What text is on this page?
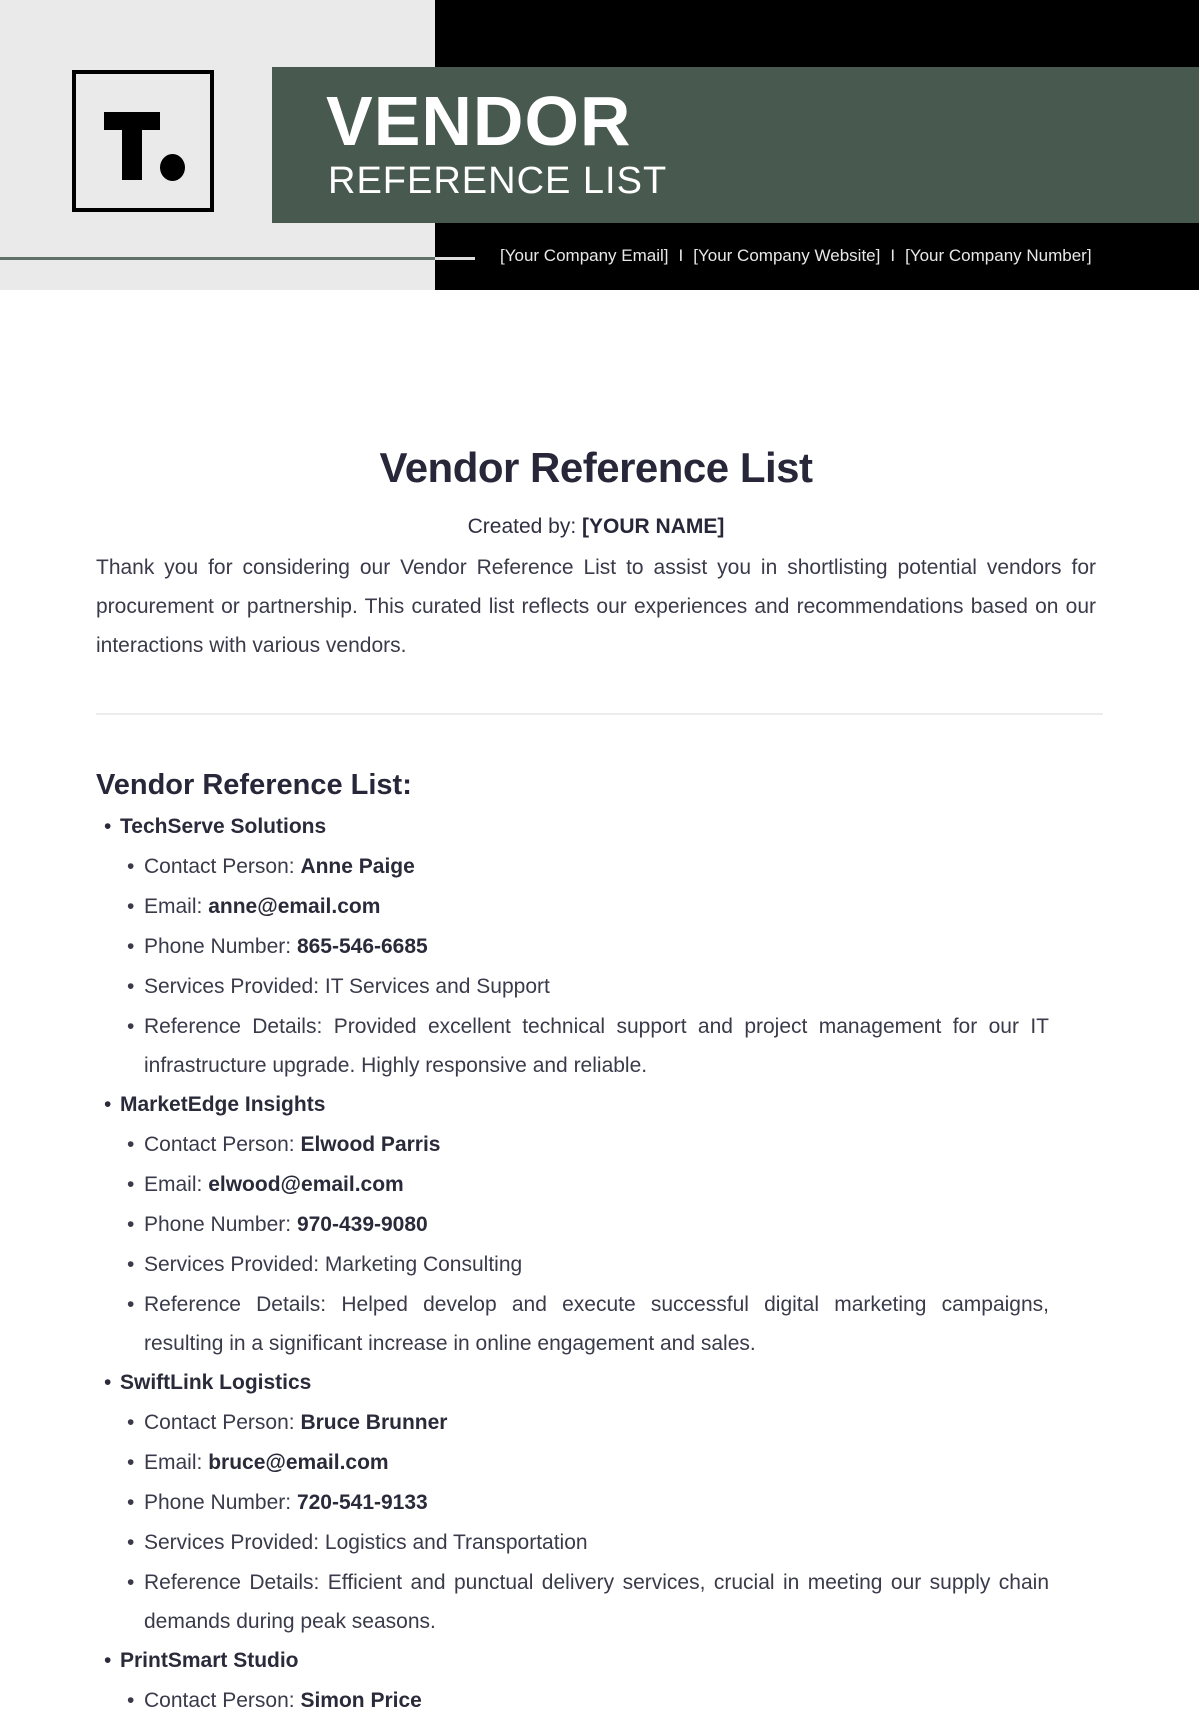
VENDOR
REFERENCE LIST
[Your Company Email] I [Your Company Website] I [Your Company Number]
Vendor Reference List
Created by: [YOUR NAME]

Thank you for considering our Vendor Reference List to assist you in shortlisting potential vendors for procurement or partnership. This curated list reflects our experiences and recommendations based on our interactions with various vendors.

Vendor Reference List:
• TechServe Solutions
• Contact Person: Anne Paige
• Email: anne@email.com
• Phone Number: 865-546-6685
• Services Provided: IT Services and Support
• Reference Details: Provided excellent technical support and project management for our IT infrastructure upgrade. Highly responsive and reliable.
• MarketEdge Insights
• Contact Person: Elwood Parris
• Email: elwood@email.com
• Phone Number: 970-439-9080
• Services Provided: Marketing Consulting
• Reference Details: Helped develop and execute successful digital marketing campaigns, resulting in a significant increase in online engagement and sales.
• SwiftLink Logistics
• Contact Person: Bruce Brunner
• Email: bruce@email.com
• Phone Number: 720-541-9133
• Services Provided: Logistics and Transportation
• Reference Details: Efficient and punctual delivery services, crucial in meeting our supply chain demands during peak seasons.
• PrintSmart Studio
• Contact Person: Simon Price
